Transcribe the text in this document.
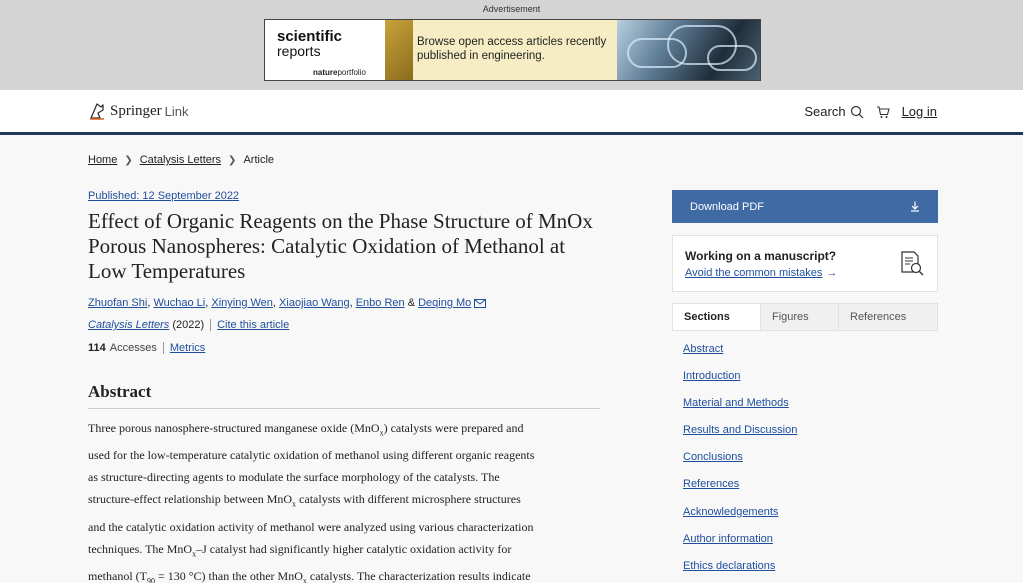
Advertisement
scientific
reports
natureportfolio
Browse open access articles recently
published in engineering.
Springer Link	Search	Log in
Home ❯ Catalysis Letters ❯ Article
Published: 12 September 2022
Effect of Organic Reagents on the Phase Structure of MnOx Porous Nanospheres: Catalytic Oxidation of Methanol at Low Temperatures
Zhuofan Shi , Wuchao Li , Xinying Wen , Xiaojiao Wang , Enbo Ren & Deqing Mo
Catalysis Letters (2022) Cite this article
114 Accesses Metrics
Abstract
Three porous nanosphere-structured manganese oxide (MnO$_x$) catalysts were prepared and
used for the low-temperature catalytic oxidation of methanol using different organic reagents
as structure-directing agents to modulate the surface morphology of the catalysts. The
structure-effect relationship between MnO$_x$ catalysts with different microsphere structures
and the catalytic oxidation activity of methanol were analyzed using various characterization
techniques. The MnO$_x$–J catalyst had significantly higher catalytic oxidation activity for
methanol ($T_{90} = 130$ °C) than the other MnO$_x$ catalysts. The characterization results indicate
Download PDF
Working on a manuscript?
Avoid the common mistakes →
Sections	Figures	References
Abstract
Introduction
Material and Methods
Results and Discussion
Conclusions
References
Acknowledgements
Author information
Ethics declarations
